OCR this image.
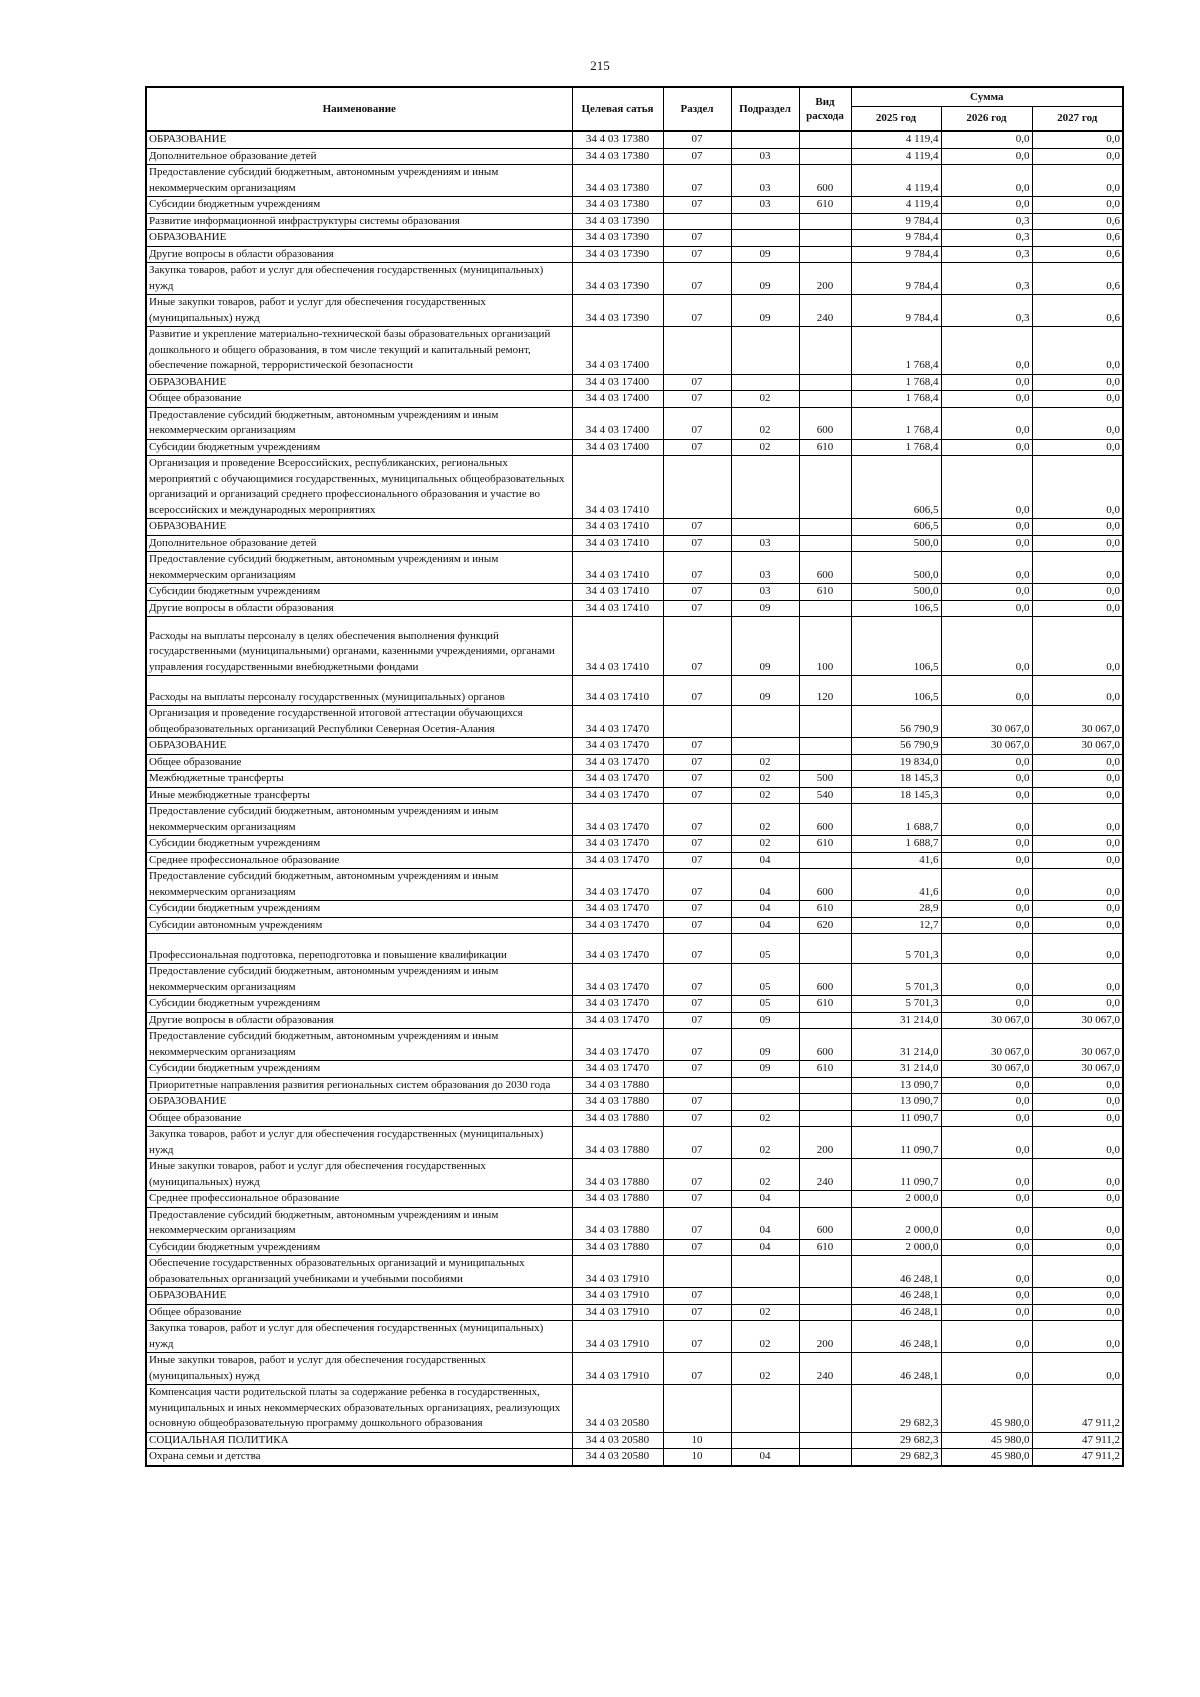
215
Наименование	Целевая сатья	Раздел	Подраздел	Вид расхода	Сумма		
					2025 год	2026 год	2027 год
ОБРАЗОВАНИЕ	34 4 03 17380	07			4 119,4	0,0	0,0
Дополнительное образование детей	34 4 03 17380	07	03		4 119,4	0,0	0,0
Предоставление субсидий бюджетным, автономным учреждениям и иным некоммерческим организациям	34 4 03 17380	07	03	600	4 119,4	0,0	0,0
Субсидии бюджетным учреждениям	34 4 03 17380	07	03	610	4 119,4	0,0	0,0
Развитие информационной инфраструктуры системы образования	34 4 03 17390				9 784,4	0,3	0,6
ОБРАЗОВАНИЕ	34 4 03 17390	07			9 784,4	0,3	0,6
Другие вопросы в области образования	34 4 03 17390	07	09		9 784,4	0,3	0,6
Закупка товаров, работ и услуг для обеспечения государственных (муниципальных) нужд	34 4 03 17390	07	09	200	9 784,4	0,3	0,6
Иные закупки товаров, работ и услуг для обеспечения государственных (муниципальных) нужд	34 4 03 17390	07	09	240	9 784,4	0,3	0,6
Развитие и укрепление материально-технической базы образовательных организаций дошкольного и общего образования, в том числе текущий и капитальный ремонт, обеспечение пожарной, террористической безопасности	34 4 03 17400				1 768,4	0,0	0,0
ОБРАЗОВАНИЕ	34 4 03 17400	07			1 768,4	0,0	0,0
Общее образование	34 4 03 17400	07	02		1 768,4	0,0	0,0
Предоставление субсидий бюджетным, автономным учреждениям и иным некоммерческим организациям	34 4 03 17400	07	02	600	1 768,4	0,0	0,0
Субсидии бюджетным учреждениям	34 4 03 17400	07	02	610	1 768,4	0,0	0,0
Организация и проведение Всероссийских, республиканских, региональных мероприятий с обучающимися государственных, муниципальных общеобразовательных организаций и организаций среднего профессионального образования и участие во всероссийских и международных мероприятиях	34 4 03 17410				606,5	0,0	0,0
ОБРАЗОВАНИЕ	34 4 03 17410	07			606,5	0,0	0,0
Дополнительное образование детей	34 4 03 17410	07	03		500,0	0,0	0,0
Предоставление субсидий бюджетным, автономным учреждениям и иным некоммерческим организациям	34 4 03 17410	07	03	600	500,0	0,0	0,0
Субсидии бюджетным учреждениям	34 4 03 17410	07	03	610	500,0	0,0	0,0
Другие вопросы в области образования	34 4 03 17410	07	09		106,5	0,0	0,0
Расходы на выплаты персоналу в целях обеспечения выполнения функций государственными (муниципальными) органами, казенными учреждениями, органами управления государственными внебюджетными фондами	34 4 03 17410	07	09	100	106,5	0,0	0,0
Расходы на выплаты персоналу государственных (муниципальных) органов	34 4 03 17410	07	09	120	106,5	0,0	0,0
Организация и проведение государственной итоговой аттестации обучающихся общеобразовательных организаций Республики Северная Осетия-Алания	34 4 03 17470				56 790,9	30 067,0	30 067,0
ОБРАЗОВАНИЕ	34 4 03 17470	07			56 790,9	30 067,0	30 067,0
Общее образование	34 4 03 17470	07	02		19 834,0	0,0	0,0
Межбюджетные трансферты	34 4 03 17470	07	02	500	18 145,3	0,0	0,0
Иные межбюджетные трансферты	34 4 03 17470	07	02	540	18 145,3	0,0	0,0
Предоставление субсидий бюджетным, автономным учреждениям и иным некоммерческим организациям	34 4 03 17470	07	02	600	1 688,7	0,0	0,0
Субсидии бюджетным учреждениям	34 4 03 17470	07	02	610	1 688,7	0,0	0,0
Среднее профессиональное образование	34 4 03 17470	07	04		41,6	0,0	0,0
Предоставление субсидий бюджетным, автономным учреждениям и иным некоммерческим организациям	34 4 03 17470	07	04	600	41,6	0,0	0,0
Субсидии бюджетным учреждениям	34 4 03 17470	07	04	610	28,9	0,0	0,0
Субсидии автономным учреждениям	34 4 03 17470	07	04	620	12,7	0,0	0,0
Профессиональная подготовка, переподготовка и повышение квалификации	34 4 03 17470	07	05		5 701,3	0,0	0,0
Предоставление субсидий бюджетным, автономным учреждениям и иным некоммерческим организациям	34 4 03 17470	07	05	600	5 701,3	0,0	0,0
Субсидии бюджетным учреждениям	34 4 03 17470	07	05	610	5 701,3	0,0	0,0
Другие вопросы в области образования	34 4 03 17470	07	09		31 214,0	30 067,0	30 067,0
Предоставление субсидий бюджетным, автономным учреждениям и иным некоммерческим организациям	34 4 03 17470	07	09	600	31 214,0	30 067,0	30 067,0
Субсидии бюджетным учреждениям	34 4 03 17470	07	09	610	31 214,0	30 067,0	30 067,0
Приоритетные направления развития региональных систем образования до 2030 года	34 4 03 17880				13 090,7	0,0	0,0
ОБРАЗОВАНИЕ	34 4 03 17880	07			13 090,7	0,0	0,0
Общее образование	34 4 03 17880	07	02		11 090,7	0,0	0,0
Закупка товаров, работ и услуг для обеспечения государственных (муниципальных) нужд	34 4 03 17880	07	02	200	11 090,7	0,0	0,0
Иные закупки товаров, работ и услуг для обеспечения государственных (муниципальных) нужд	34 4 03 17880	07	02	240	11 090,7	0,0	0,0
Среднее профессиональное образование	34 4 03 17880	07	04		2 000,0	0,0	0,0
Предоставление субсидий бюджетным, автономным учреждениям и иным некоммерческим организациям	34 4 03 17880	07	04	600	2 000,0	0,0	0,0
Субсидии бюджетным учреждениям	34 4 03 17880	07	04	610	2 000,0	0,0	0,0
Обеспечение государственных образовательных организаций и муниципальных образовательных организаций учебниками и учебными пособиями	34 4 03 17910				46 248,1	0,0	0,0
ОБРАЗОВАНИЕ	34 4 03 17910	07			46 248,1	0,0	0,0
Общее образование	34 4 03 17910	07	02		46 248,1	0,0	0,0
Закупка товаров, работ и услуг для обеспечения государственных (муниципальных) нужд	34 4 03 17910	07	02	200	46 248,1	0,0	0,0
Иные закупки товаров, работ и услуг для обеспечения государственных (муниципальных) нужд	34 4 03 17910	07	02	240	46 248,1	0,0	0,0
Компенсация части родительской платы за содержание ребенка в государственных, муниципальных и иных некоммерческих образовательных организациях, реализующих основную общеобразовательную программу дошкольного образования	34 4 03 20580				29 682,3	45 980,0	47 911,2
СОЦИАЛЬНАЯ ПОЛИТИКА	34 4 03 20580	10			29 682,3	45 980,0	47 911,2
Охрана семьи и детства	34 4 03 20580	10	04		29 682,3	45 980,0	47 911,2
